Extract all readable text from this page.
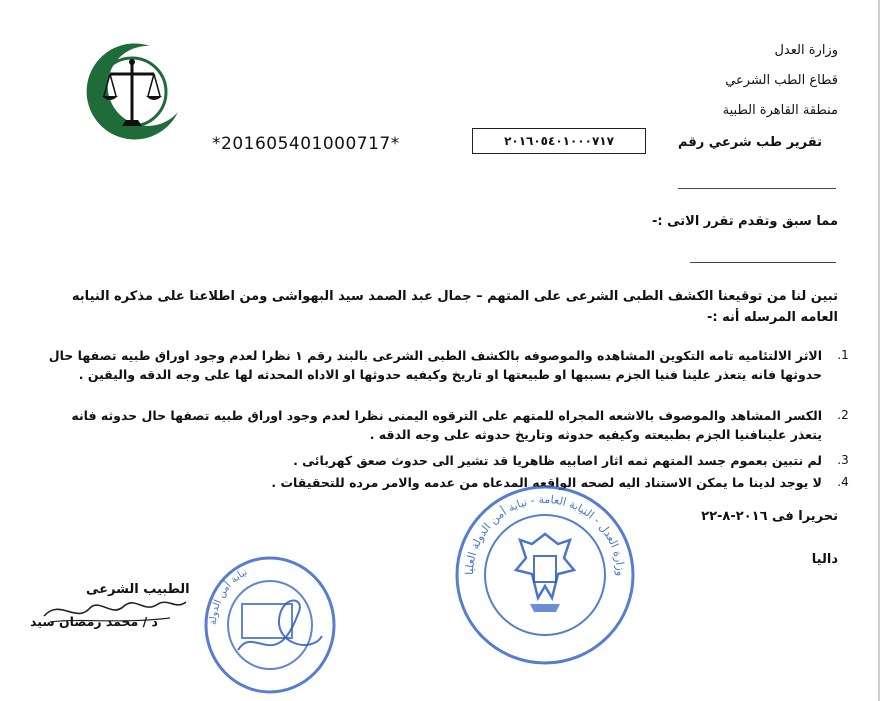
وزارة العدل
قطاع الطب الشرعي
منطقة القاهرة الطبية
تقرير طب شرعي رقم
٢٠١٦٠٥٤٠١٠٠٠٧١٧
*201605401000717*
مما سبق وتقدم تقرر الاتى :-
تبين لنا من توقيعنا الكشف الطبى الشرعى على المتهم – جمال عبد الصمد سيد البهواشى ومن اطلاعنا على مذكره النيابه العامه المرسله أنه :-
1.
الاثر الالتئاميه تامه التكوين المشاهده والموصوفه بالكشف الطبى الشرعى بالبند رقم ١ نظرا لعدم وجود اوراق طبيه تصفها حال حدوثها فانه يتعذر علينا فنيا الجزم بسببها او طبيعتها او تاريخ وكيفيه حدوثها او الاداه المحدثه لها على وجه الدقه واليقين .
2.
الكسر المشاهد والموصوف بالاشعه المجراه للمتهم على الترقوه اليمنى نظرا لعدم وجود اوراق طبيه تصفها حال حدوثه فانه يتعذر علينافنيا الجزم بطبيعته وكيفيه حدوثه وتاريخ حدوثه على وجه الدقه .
3.
لم نتبين بعموم جسد المتهم ثمه اثار اصابيه ظاهريا قد تشير الى حدوث صعق كهربائى .
4.
لا يوجد لدينا ما يمكن الاستناد اليه لصحه الواقعه المدعاه من عدمه والامر مرده للتحقيقات .
تحريرا فى ٢٠١٦-٨-٢٢
داليا
وزارة العدل - النيابة العامة - نيابة أمن الدولة العليا
نيابة أمن الدولة
الطبيب الشرعى
د / محمد رمضان سيد
